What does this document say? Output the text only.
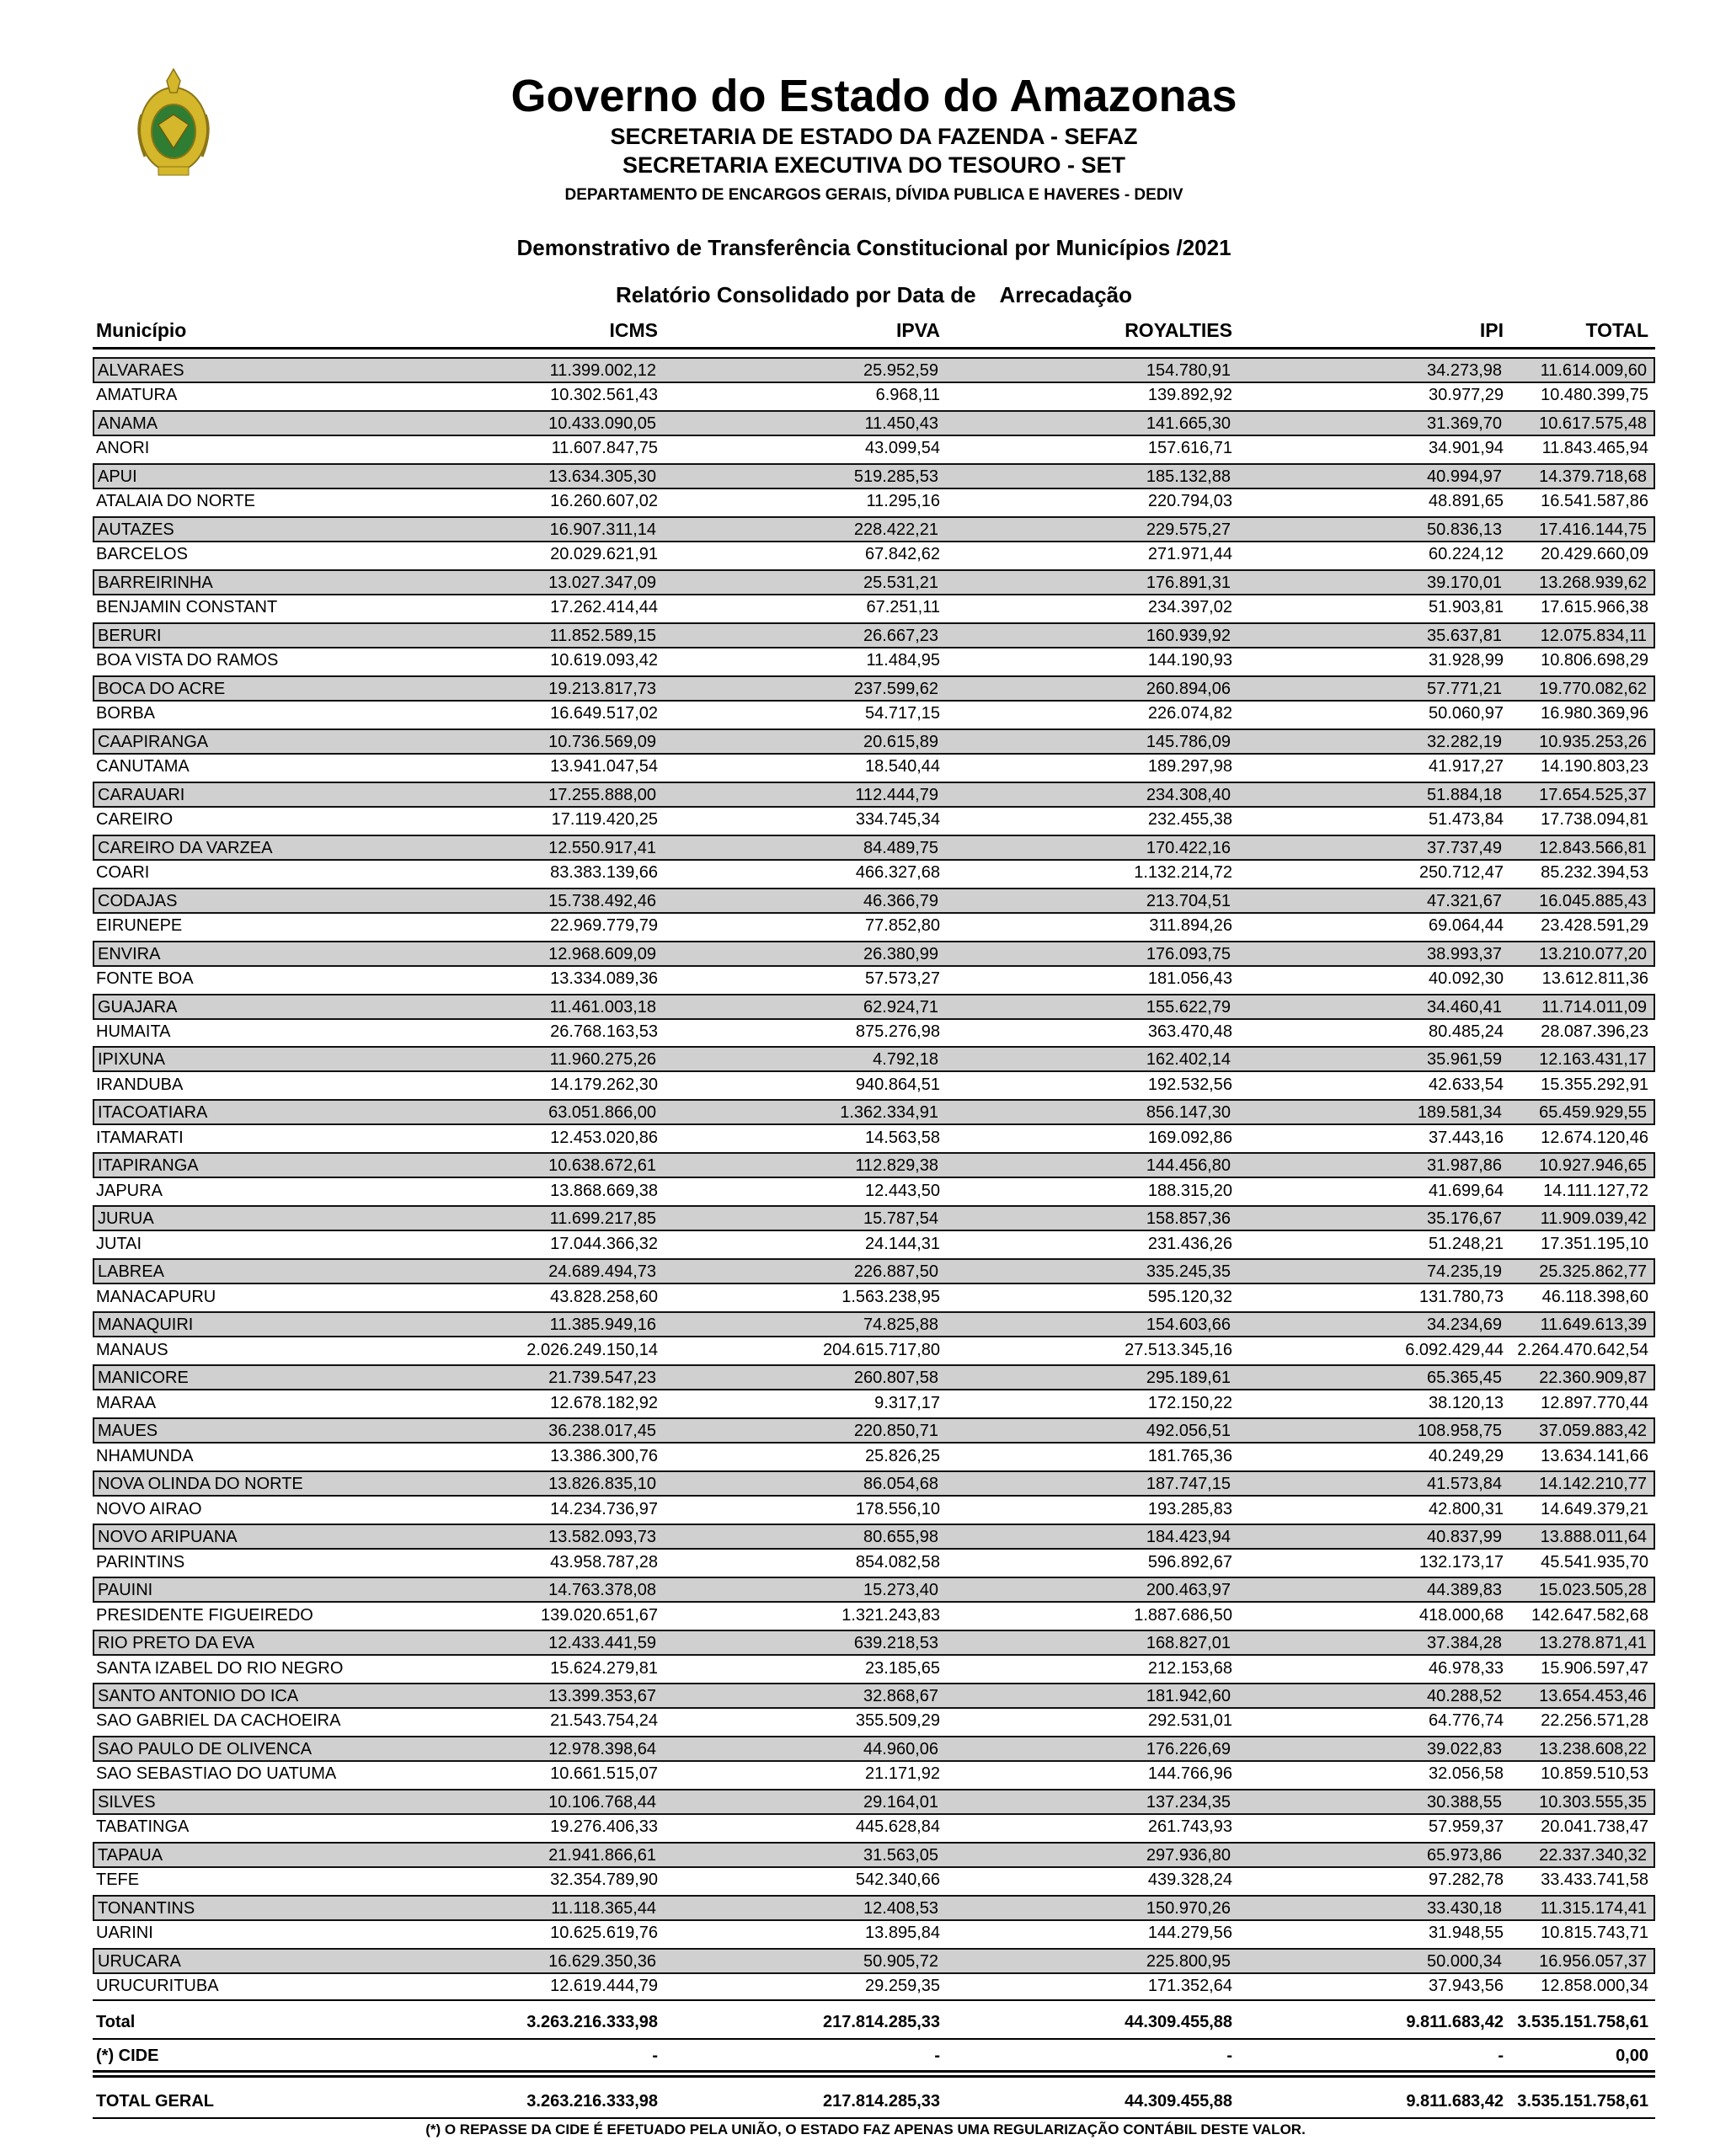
Governo do Estado do Amazonas
SECRETARIA DE ESTADO DA FAZENDA - SEFAZ
SECRETARIA EXECUTIVA DO TESOURO - SET
DEPARTAMENTO DE ENCARGOS GERAIS, DÍVIDA PUBLICA E HAVERES - DEDIV
Demonstrativo de Transferência Constitucional por Municípios /2021
Relatório Consolidado por Data de    Arrecadação
Município	ICMS	IPVA	ROYALTIES	IPI	TOTAL
ALVARAES	11.399.002,12	25.952,59	154.780,91	34.273,98 11.614.009,60
AMATURA	10.302.561,43	6.968,11	139.892,92	30.977,29 10.480.399,75
ANAMA	10.433.090,05	11.450,43	141.665,30	31.369,70 10.617.575,48
ANORI	11.607.847,75	43.099,54	157.616,71	34.901,94 11.843.465,94
APUI	13.634.305,30	519.285,53	185.132,88	40.994,97 14.379.718,68
ATALAIA DO NORTE	16.260.607,02	11.295,16	220.794,03	48.891,65 16.541.587,86
AUTAZES	16.907.311,14	228.422,21	229.575,27	50.836,13 17.416.144,75
BARCELOS	20.029.621,91	67.842,62	271.971,44	60.224,12 20.429.660,09
BARREIRINHA	13.027.347,09	25.531,21	176.891,31	39.170,01 13.268.939,62
BENJAMIN CONSTANT	17.262.414,44	67.251,11	234.397,02	51.903,81 17.615.966,38
BERURI	11.852.589,15	26.667,23	160.939,92	35.637,81 12.075.834,11
BOA VISTA DO RAMOS	10.619.093,42	11.484,95	144.190,93	31.928,99 10.806.698,29
BOCA DO ACRE	19.213.817,73	237.599,62	260.894,06	57.771,21 19.770.082,62
BORBA	16.649.517,02	54.717,15	226.074,82	50.060,97 16.980.369,96
CAAPIRANGA	10.736.569,09	20.615,89	145.786,09	32.282,19 10.935.253,26
CANUTAMA	13.941.047,54	18.540,44	189.297,98	41.917,27 14.190.803,23
CARAUARI	17.255.888,00	112.444,79	234.308,40	51.884,18 17.654.525,37
CAREIRO	17.119.420,25	334.745,34	232.455,38	51.473,84 17.738.094,81
CAREIRO DA VARZEA	12.550.917,41	84.489,75	170.422,16	37.737,49 12.843.566,81
COARI	83.383.139,66	466.327,68	1.132.214,72	250.712,47 85.232.394,53
CODAJAS	15.738.492,46	46.366,79	213.704,51	47.321,67 16.045.885,43
EIRUNEPE	22.969.779,79	77.852,80	311.894,26	69.064,44 23.428.591,29
ENVIRA	12.968.609,09	26.380,99	176.093,75	38.993,37 13.210.077,20
FONTE BOA	13.334.089,36	57.573,27	181.056,43	40.092,30 13.612.811,36
GUAJARA	11.461.003,18	62.924,71	155.622,79	34.460,41 11.714.011,09
HUMAITA	26.768.163,53	875.276,98	363.470,48	80.485,24 28.087.396,23
IPIXUNA	11.960.275,26	4.792,18	162.402,14	35.961,59 12.163.431,17
IRANDUBA	14.179.262,30	940.864,51	192.532,56	42.633,54 15.355.292,91
ITACOATIARA	63.051.866,00	1.362.334,91	856.147,30	189.581,34 65.459.929,55
ITAMARATI	12.453.020,86	14.563,58	169.092,86	37.443,16 12.674.120,46
ITAPIRANGA	10.638.672,61	112.829,38	144.456,80	31.987,86 10.927.946,65
JAPURA	13.868.669,38	12.443,50	188.315,20	41.699,64 14.111.127,72
JURUA	11.699.217,85	15.787,54	158.857,36	35.176,67 11.909.039,42
JUTAI	17.044.366,32	24.144,31	231.436,26	51.248,21 17.351.195,10
LABREA	24.689.494,73	226.887,50	335.245,35	74.235,19 25.325.862,77
MANACAPURU	43.828.258,60	1.563.238,95	595.120,32	131.780,73 46.118.398,60
MANAQUIRI	11.385.949,16	74.825,88	154.603,66	34.234,69 11.649.613,39
MANAUS	2.026.249.150,14	204.615.717,80	27.513.345,16	6.092.429,44 2.264.470.642,54
MANICORE	21.739.547,23	260.807,58	295.189,61	65.365,45 22.360.909,87
MARAA	12.678.182,92	9.317,17	172.150,22	38.120,13 12.897.770,44
MAUES	36.238.017,45	220.850,71	492.056,51	108.958,75 37.059.883,42
NHAMUNDA	13.386.300,76	25.826,25	181.765,36	40.249,29 13.634.141,66
NOVA OLINDA DO NORTE	13.826.835,10	86.054,68	187.747,15	41.573,84 14.142.210,77
NOVO AIRAO	14.234.736,97	178.556,10	193.285,83	42.800,31 14.649.379,21
NOVO ARIPUANA	13.582.093,73	80.655,98	184.423,94	40.837,99 13.888.011,64
PARINTINS	43.958.787,28	854.082,58	596.892,67	132.173,17 45.541.935,70
PAUINI	14.763.378,08	15.273,40	200.463,97	44.389,83 15.023.505,28
PRESIDENTE FIGUEIREDO	139.020.651,67	1.321.243,83	1.887.686,50	418.000,68 142.647.582,68
RIO PRETO DA EVA	12.433.441,59	639.218,53	168.827,01	37.384,28 13.278.871,41
SANTA IZABEL DO RIO NEGRO	15.624.279,81	23.185,65	212.153,68	46.978,33 15.906.597,47
SANTO ANTONIO DO ICA	13.399.353,67	32.868,67	181.942,60	40.288,52 13.654.453,46
SAO GABRIEL DA CACHOEIRA	21.543.754,24	355.509,29	292.531,01	64.776,74 22.256.571,28
SAO PAULO DE OLIVENCA	12.978.398,64	44.960,06	176.226,69	39.022,83 13.238.608,22
SAO SEBASTIAO DO UATUMA	10.661.515,07	21.171,92	144.766,96	32.056,58 10.859.510,53
SILVES	10.106.768,44	29.164,01	137.234,35	30.388,55 10.303.555,35
TABATINGA	19.276.406,33	445.628,84	261.743,93	57.959,37 20.041.738,47
TAPAUA	21.941.866,61	31.563,05	297.936,80	65.973,86 22.337.340,32
TEFE	32.354.789,90	542.340,66	439.328,24	97.282,78 33.433.741,58
TONANTINS	11.118.365,44	12.408,53	150.970,26	33.430,18 11.315.174,41
UARINI	10.625.619,76	13.895,84	144.279,56	31.948,55 10.815.743,71
URUCARA	16.629.350,36	50.905,72	225.800,95	50.000,34 16.956.057,37
URUCURITUBA	12.619.444,79	29.259,35	171.352,64	37.943,56 12.858.000,34
Total	3.263.216.333,98	217.814.285,33	44.309.455,88	9.811.683,42 3.535.151.758,61
(*) CIDE	-	-	-	-	0,00
TOTAL GERAL	3.263.216.333,98	217.814.285,33	44.309.455,88	9.811.683,42 3.535.151.758,61
(*) O REPASSE DA CIDE É EFETUADO PELA UNIÃO, O ESTADO FAZ APENAS UMA REGULARIZAÇÃO CONTÁBIL DESTE VALOR.
